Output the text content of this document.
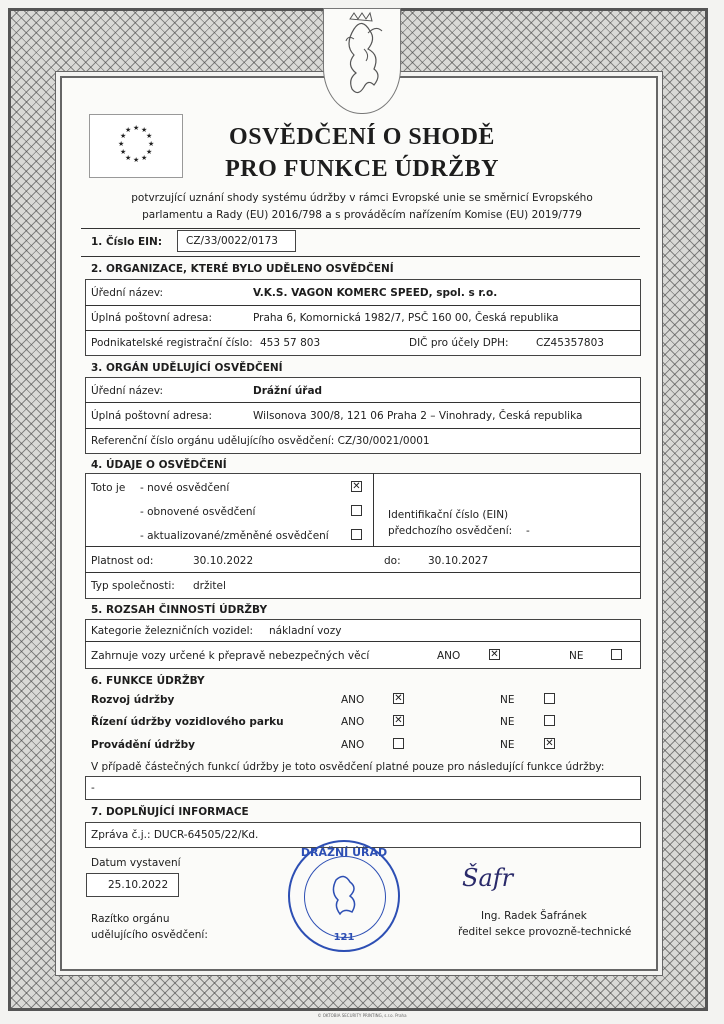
★ ★
★
★
★
★
★
★
★
★
★
★	OSVĚDČENÍ O SHODĚ
PRO FUNKCE ÚDRŽBY
potvrzující uznání shody systému údržby v rámci Evropské unie se směrnicí Evropského
parlamentu a Rady (EU) 2016/798 a s prováděcím nařízením Komise (EU) 2019/779
1. Číslo EIN: CZ/33/0022/0173
2. ORGANIZACE, KTERÉ BYLO UDĚLENO OSVĚDČENÍ
Úřední název:	V.K.S. VAGON KOMERC SPEED, spol. s r.o.
Úplná poštovní adresa:	Praha 6, Komornická 1982/7, PSČ 160 00, Česká republika
Podnikatelské registrační číslo: 453 57 803	DIČ pro účely DPH:	CZ45357803
3. ORGÁN UDĚLUJÍCÍ OSVĚDČENÍ
Úřední název:	Drážní úřad
Úplná poštovní adresa:	Wilsonova 300/8, 121 06 Praha 2 – Vinohrady, Česká republika
Referenční číslo orgánu udělujícího osvědčení: CZ/30/0021/0001
4. ÚDAJE O OSVĚDČENÍ
Toto je - nové osvědčení	✕
- obnovené osvědčení
- aktualizované/změněné osvědčení
Identifikační číslo (EIN)
předchozího osvědčení: -
Platnost od:	30.10.2022	do:	30.10.2027
Typ společnosti: držitel
5. ROZSAH ČINNOSTÍ ÚDRŽBY
Kategorie železničních vozidel: nákladní vozy
Zahrnuje vozy určené k přepravě nebezpečných věcí	ANO	✕	NE
6. FUNKCE ÚDRŽBY
Rozvoj údržby	ANO	✕	NE
Řízení údržby vozidlového parku	ANO	✕	NE
Provádění údržby	ANO	NE	✕
V případě částečných funkcí údržby je toto osvědčení platné pouze pro následující funkce údržby:
-
7. DOPLŇUJÍCÍ INFORMACE
Zpráva č.j.: DUCR-64505/22/Kd.
Datum vystavení
25.10.2022
Razítko orgánu
udělujícího osvědčení:
DRÁŽNÍ ÚŘAD
121
Šafr
Ing. Radek Šafránek
ředitel sekce provozně-technické
© OKTOBIA SECURITY PRINTING, s.r.o. Praha
